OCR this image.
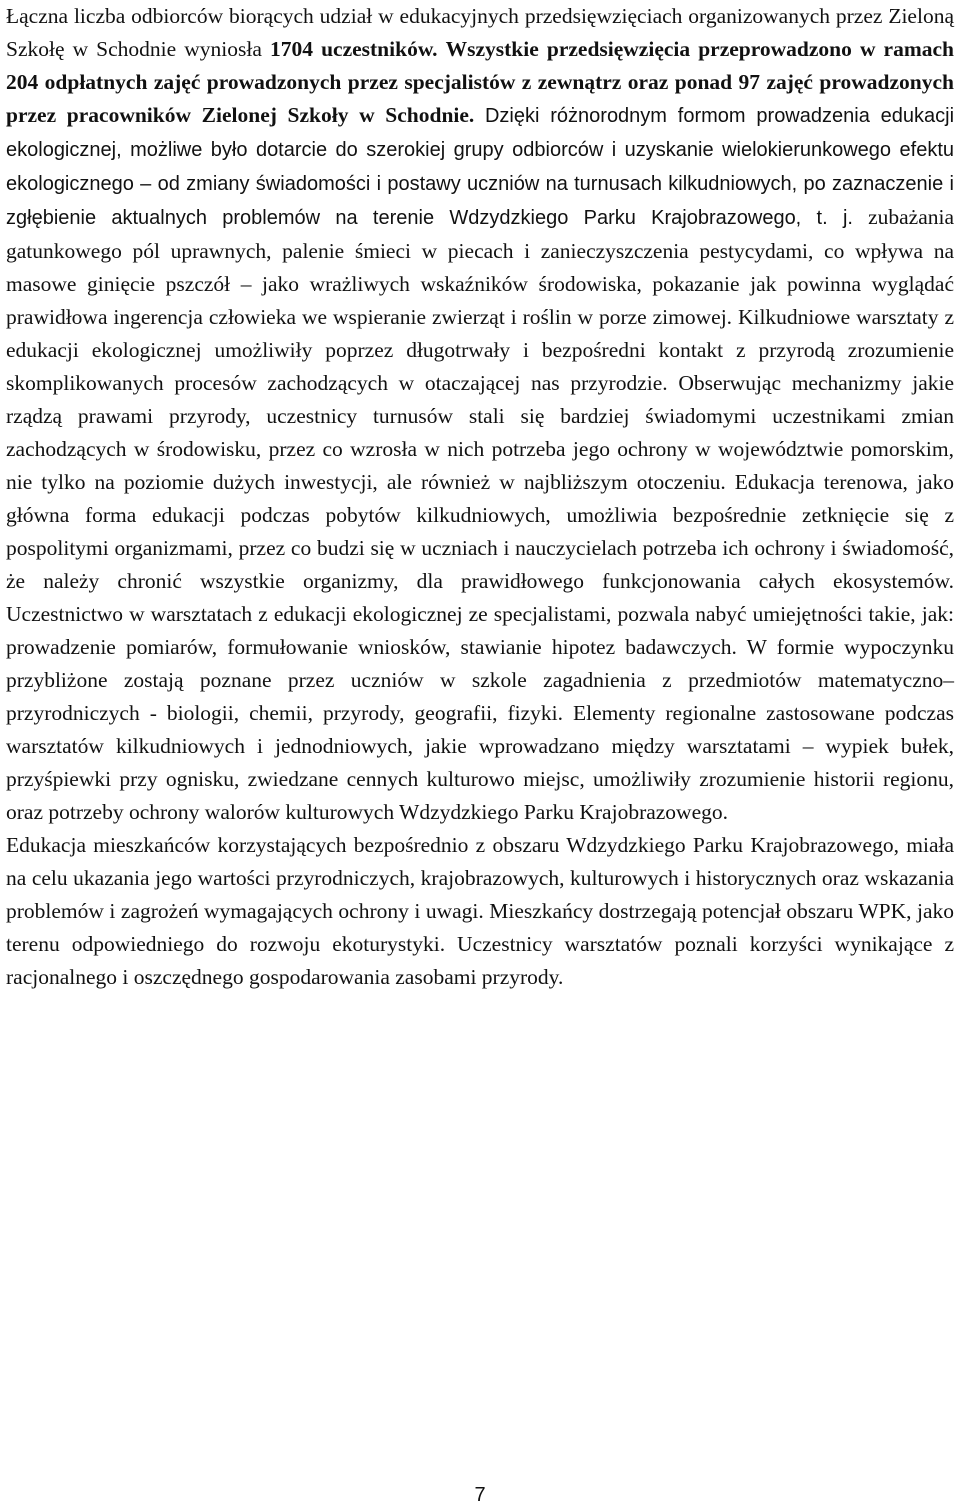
Łączna liczba odbiorców biorących udział w edukacyjnych przedsięwzięciach organizowanych przez Zieloną Szkołę w Schodnie wyniosła 1704 uczestników. Wszystkie przedsięwzięcia przeprowadzono w ramach 204 odpłatnych zajęć prowadzonych przez specjalistów z zewnątrz oraz ponad 97 zajęć prowadzonych przez pracowników Zielonej Szkoły w Schodnie. Dzięki różnorodnym formom prowadzenia edukacji ekologicznej, możliwe było dotarcie do szerokiej grupy odbiorców i uzyskanie wielokierunkowego efektu ekologicznego – od zmiany świadomości i postawy uczniów na turnusach kilkudniowych, po zaznaczenie i zgłębienie aktualnych problemów na terenie Wdzydzkiego Parku Krajobrazowego, t. j. zubażania gatunkowego pól uprawnych, palenie śmieci w piecach i zanieczyszczenia pestycydami, co wpływa na masowe ginięcie pszczół – jako wrażliwych wskaźników środowiska, pokazanie jak powinna wyglądać prawidłowa ingerencja człowieka we wspieranie zwierząt i roślin w porze zimowej. Kilkudniowe warsztaty z edukacji ekologicznej umożliwiły poprzez długotrwały i bezpośredni kontakt z przyrodą zrozumienie skomplikowanych procesów zachodzących w otaczającej nas przyrodzie. Obserwując mechanizmy jakie rządzą prawami przyrody, uczestnicy turnusów stali się bardziej świadomymi uczestnikami zmian zachodzących w środowisku, przez co wzrosła w nich potrzeba jego ochrony w województwie pomorskim, nie tylko na poziomie dużych inwestycji, ale również w najbliższym otoczeniu. Edukacja terenowa, jako główna forma edukacji podczas pobytów kilkudniowych, umożliwia bezpośrednie zetknięcie się z pospolitymi organizmami, przez co budzi się w uczniach i nauczycielach potrzeba ich ochrony i świadomość, że należy chronić wszystkie organizmy, dla prawidłowego funkcjonowania całych ekosystemów. Uczestnictwo w warsztatach z edukacji ekologicznej ze specjalistami, pozwala nabyć umiejętności takie, jak: prowadzenie pomiarów, formułowanie wniosków, stawianie hipotez badawczych. W formie wypoczynku przybliżone zostają poznane przez uczniów w szkole zagadnienia z przedmiotów matematyczno–przyrodniczych - biologii, chemii, przyrody, geografii, fizyki. Elementy regionalne zastosowane podczas warsztatów kilkudniowych i jednodniowych, jakie wprowadzano między warsztatami – wypiek bułek, przyśpiewki przy ognisku, zwiedzane cennych kulturowo miejsc, umożliwiły zrozumienie historii regionu, oraz potrzeby ochrony walorów kulturowych Wdzydzkiego Parku Krajobrazowego.

Edukacja mieszkańców korzystających bezpośrednio z obszaru Wdzydzkiego Parku Krajobrazowego, miała na celu ukazania jego wartości przyrodniczych, krajobrazowych, kulturowych i historycznych oraz wskazania problemów i zagrożeń wymagających ochrony i uwagi. Mieszkańcy dostrzegają potencjał obszaru WPK, jako terenu odpowiedniego do rozwoju ekoturystyki. Uczestnicy warsztatów poznali korzyści wynikające z racjonalnego i oszczędnego gospodarowania zasobami przyrody.

7
